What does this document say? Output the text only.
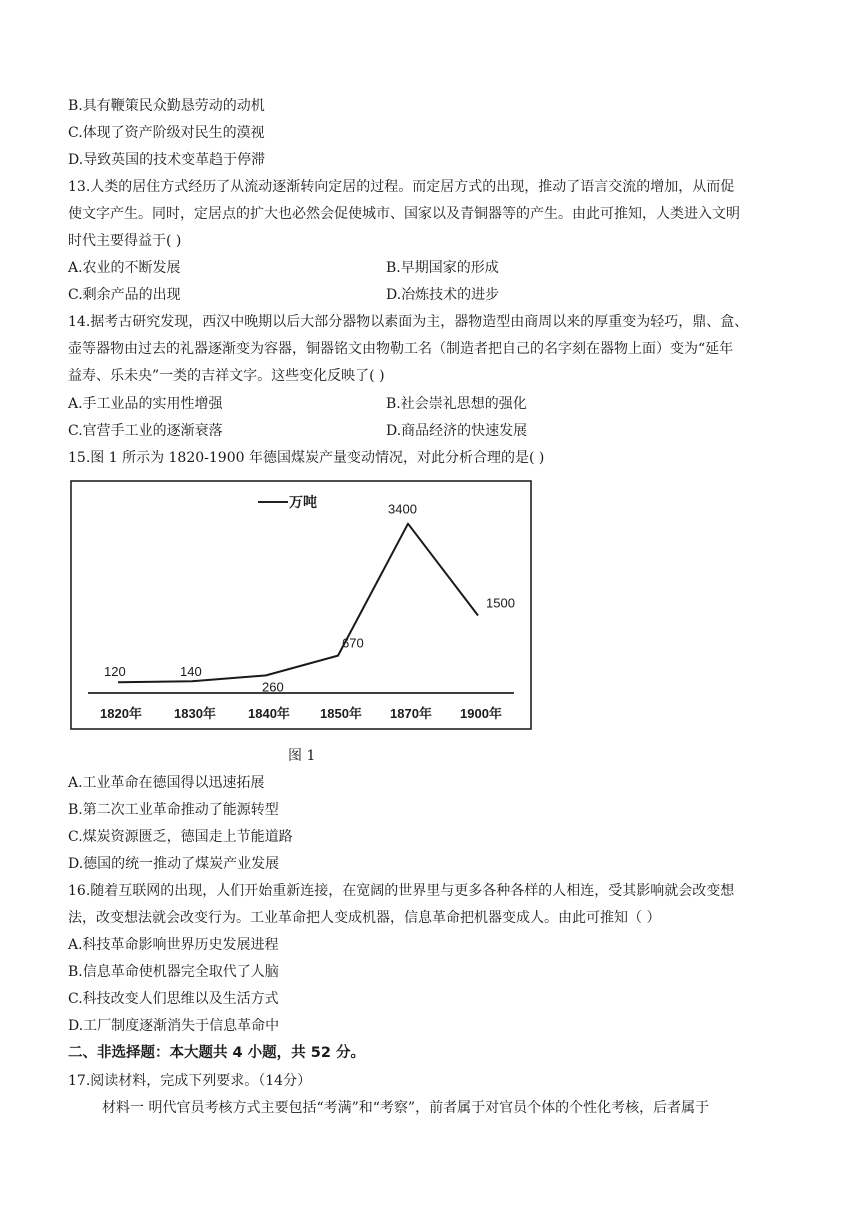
B.具有鞭策民众勤恳劳动的动机
C.体现了资产阶级对民生的漠视
D.导致英国的技术变革趋于停滞
13.人类的居住方式经历了从流动逐渐转向定居的过程。而定居方式的出现，推动了语言交流的增加，从而促
使文字产生。同时，定居点的扩大也必然会促使城市、国家以及青铜器等的产生。由此可推知，人类进入文明
时代主要得益于( )
A.农业的不断发展	B.早期国家的形成
C.剩余产品的出现	D.冶炼技术的进步
14.据考古研究发现，西汉中晚期以后大部分器物以素面为主，器物造型由商周以来的厚重变为轻巧，鼎、盒、
壶等器物由过去的礼器逐渐变为容器，铜器铭文由物勒工名（制造者把自己的名字刻在器物上面）变为“延年
益寿、乐未央”一类的吉祥文字。这些变化反映了( )
A.手工业品的实用性增强	B.社会崇礼思想的强化
C.官营手工业的逐渐衰落	D.商品经济的快速发展
15.图 1 所示为 1820-1900 年德国煤炭产量变动情况，对此分析合理的是( )
万吨
120	140
260
670
3400
1500
1820年 1830年 1840年 1850年 1870年 1900年
图 1
A.工业革命在德国得以迅速拓展
B.第二次工业革命推动了能源转型
C.煤炭资源匮乏，德国走上节能道路
D.德国的统一推动了煤炭产业发展
16.随着互联网的出现，人们开始重新连接，在宽阔的世界里与更多各种各样的人相连，受其影响就会改变想
法，改变想法就会改变行为。工业革命把人变成机器，信息革命把机器变成人。由此可推知（ ）
A.科技革命影响世界历史发展进程
B.信息革命使机器完全取代了人脑
C.科技改变人们思维以及生活方式
D.工厂制度逐渐消失于信息革命中
二、非选择题：本大题共 4 小题，共 52 分。
17.阅读材料，完成下列要求。（14分）
材料一 明代官员考核方式主要包括“考满”和“考察”，前者属于对官员个体的个性化考核，后者属于
